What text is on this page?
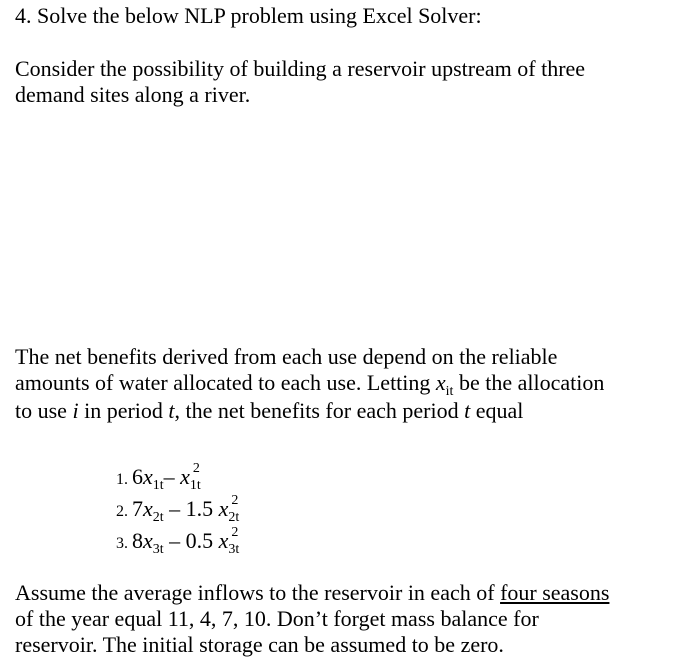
4. Solve the below NLP problem using Excel Solver:
Consider the possibility of building a reservoir upstream of three
demand sites along a river.
The net benefits derived from each use depend on the reliable
amounts of water allocated to each use. Letting $x_{it}$ be the allocation
to use i in period t, the net benefits for each period t equal
1. $6x_{1t}-$ $x_{1t}^2$
2. $7x_{2t} - 1.5$ $x_{2t}^2$
3. $8x_{3t} - 0.5$ $x_{3t}^2$
Assume the average inflows to the reservoir in each of four seasons
of the year equal 11, 4, 7, 10. Don’t forget mass balance for
reservoir. The initial storage can be assumed to be zero.
